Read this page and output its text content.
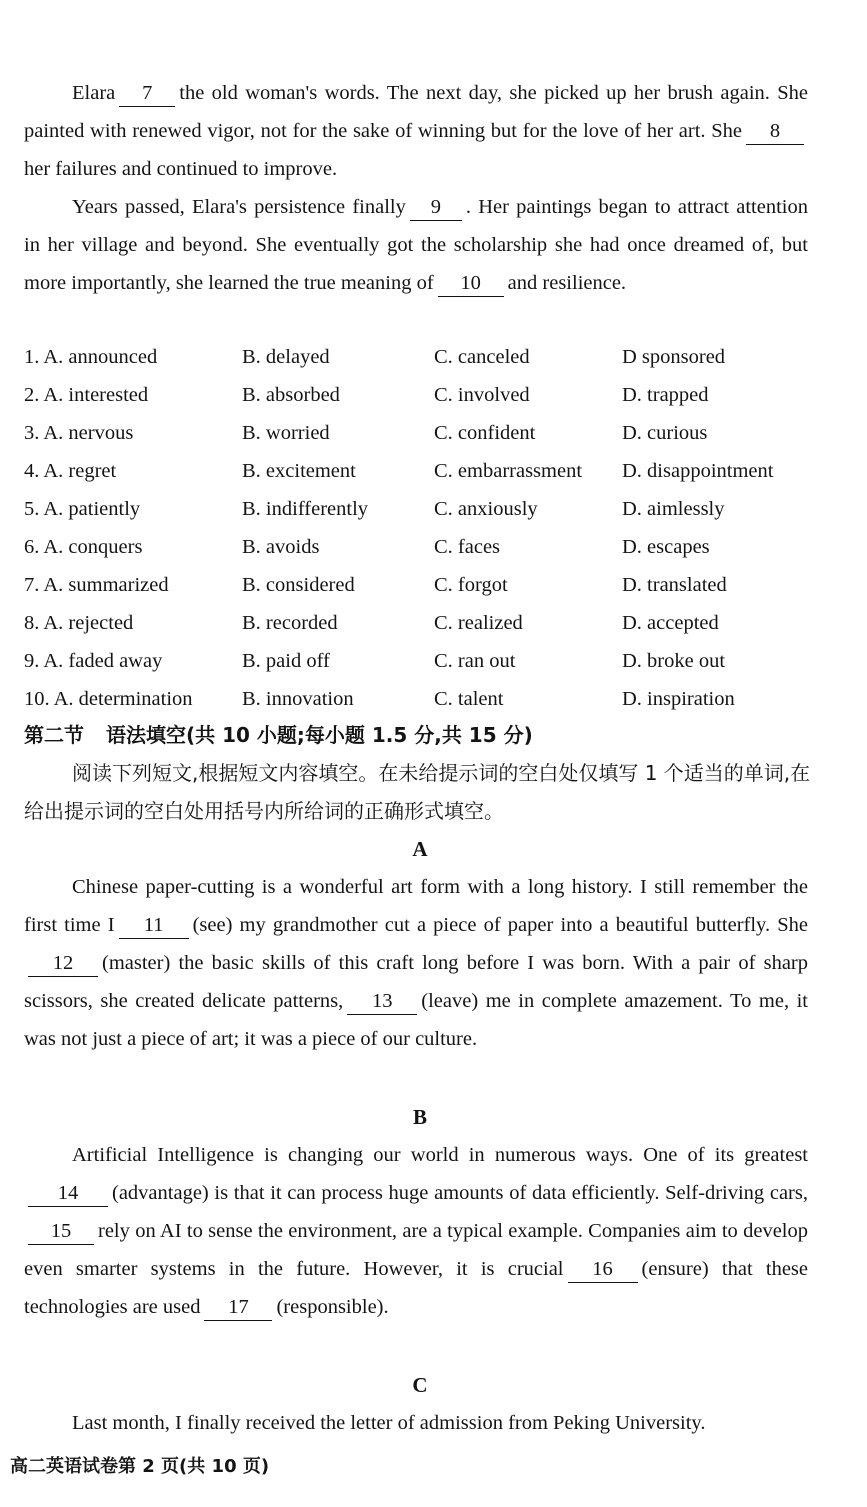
Elara 7 the old woman's words. The next day, she picked up her brush again. She painted with renewed vigor, not for the sake of winning but for the love of her art. She 8her failures and continued to improve.

Years passed, Elara's persistence finally 9 . Her paintings began to attract attention in her village and beyond. She eventually got the scholarship she had once dreamed of, but more importantly, she learned the true meaning of 10 and resilience.

1. A. announced	B. delayed	C. canceled	D sponsored
2. A. interested	B. absorbed	C. involved	D. trapped
3. A. nervous	B. worried	C. confident	D. curious
4. A. regret	B. excitement	C. embarrassment D. disappointment
5. A. patiently	B. indifferently	C. anxiously	D. aimlessly
6. A. conquers	B. avoids	C. faces	D. escapes
7. A. summarized	B. considered	C. forgot	D. translated
8. A. rejected	B. recorded	C. realized	D. accepted
9. A. faded away	B. paid off	C. ran out	D. broke out
10. A. determination B. innovation	C. talent	D. inspiration
第二节 语法填空(共 10 小题;每小题 1.5 分,共 15 分)

阅读下列短文,根据短文内容填空。在未给提示词的空白处仅填写 1 个适当的单词,在给出提示词的空白处用括号内所给词的正确形式填空。

A

Chinese paper-cutting is a wonderful art form with a long history. I still remember the first time I 11 (see) my grandmother cut a piece of paper into a beautiful butterfly. She12 (master) the basic skills of this craft long before I was born. With a pair of sharp scissors, she created delicate patterns, 13 (leave) me in complete amazement. To me, it was not just a piece of art; it was a piece of our culture.

B

Artificial Intelligence is changing our world in numerous ways. One of its greatest14 (advantage) is that it can process huge amounts of data efficiently. Self-driving cars,15 rely on AI to sense the environment, are a typical example. Companies aim to develop even smarter systems in the future. However, it is crucial 16 (ensure) that these technologies are used 17 (responsible).

C

Last month, I finally received the letter of admission from Peking University.

高二英语试卷第 2 页(共 10 页)
